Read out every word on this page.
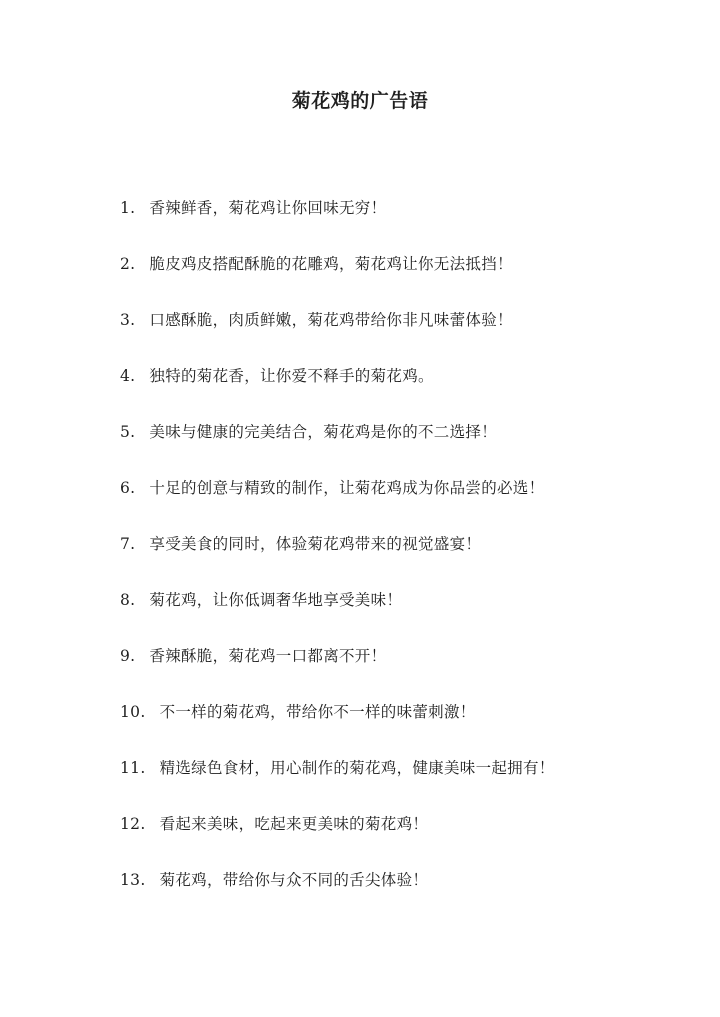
菊花鸡的广告语
1. 香辣鲜香，菊花鸡让你回味无穷！
2. 脆皮鸡皮搭配酥脆的花雕鸡，菊花鸡让你无法抵挡！
3. 口感酥脆，肉质鲜嫩，菊花鸡带给你非凡味蕾体验！
4. 独特的菊花香，让你爱不释手的菊花鸡。
5. 美味与健康的完美结合，菊花鸡是你的不二选择！
6. 十足的创意与精致的制作，让菊花鸡成为你品尝的必选！
7. 享受美食的同时，体验菊花鸡带来的视觉盛宴！
8. 菊花鸡，让你低调奢华地享受美味！
9. 香辣酥脆，菊花鸡一口都离不开！
10. 不一样的菊花鸡，带给你不一样的味蕾刺激！
11. 精选绿色食材，用心制作的菊花鸡，健康美味一起拥有！
12. 看起来美味，吃起来更美味的菊花鸡！
13. 菊花鸡，带给你与众不同的舌尖体验！
